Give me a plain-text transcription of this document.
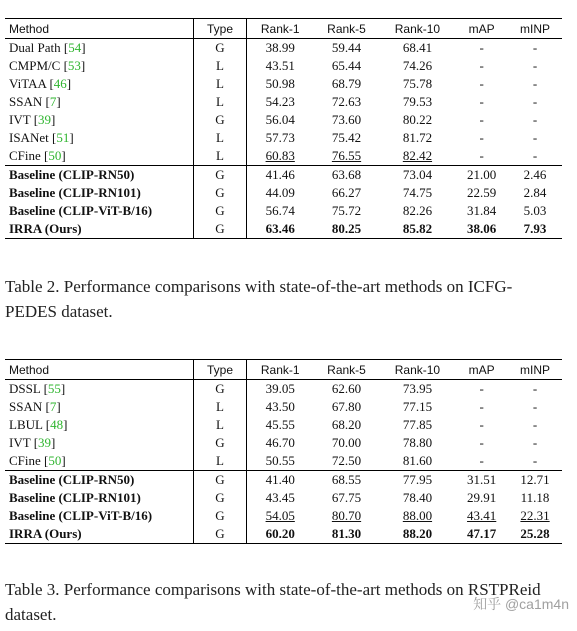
Method	Type	Rank-1	Rank-5	Rank-10	mAP	mINP
Dual Path [54]	G	38.99	59.44	68.41	-	-
CMPM/C [53]	L	43.51	65.44	74.26	-	-
ViTAA [46]	L	50.98	68.79	75.78	-	-
SSAN [7]	L	54.23	72.63	79.53	-	-
IVT [39]	G	56.04	73.60	80.22	-	-
ISANet [51]	L	57.73	75.42	81.72	-	-
CFine [50]	L	60.83	76.55	82.42	-	-
Baseline (CLIP-RN50)	G	41.46	63.68	73.04	21.00	2.46
Baseline (CLIP-RN101)	G	44.09	66.27	74.75	22.59	2.84
Baseline (CLIP-ViT-B/16)	G	56.74	75.72	82.26	31.84	5.03
IRRA (Ours)	G	63.46	80.25	85.82	38.06	7.93

Table 2. Performance comparisons with state-of-the-art methods on ICFG-PEDES dataset.

Method	Type	Rank-1	Rank-5	Rank-10	mAP	mINP
DSSL [55]	G	39.05	62.60	73.95	-	-
SSAN [7]	L	43.50	67.80	77.15	-	-
LBUL [48]	L	45.55	68.20	77.85	-	-
IVT [39]	G	46.70	70.00	78.80	-	-
CFine [50]	L	50.55	72.50	81.60	-	-
Baseline (CLIP-RN50)	G	41.40	68.55	77.95	31.51	12.71
Baseline (CLIP-RN101)	G	43.45	67.75	78.40	29.91	11.18
Baseline (CLIP-ViT-B/16)	G	54.05	80.70	88.00	43.41	22.31
IRRA (Ours)	G	60.20	81.30	88.20	47.17	25.28

Table 3. Performance comparisons with state-of-the-art methods on RSTPReid dataset.

知乎 @ca1m4n
